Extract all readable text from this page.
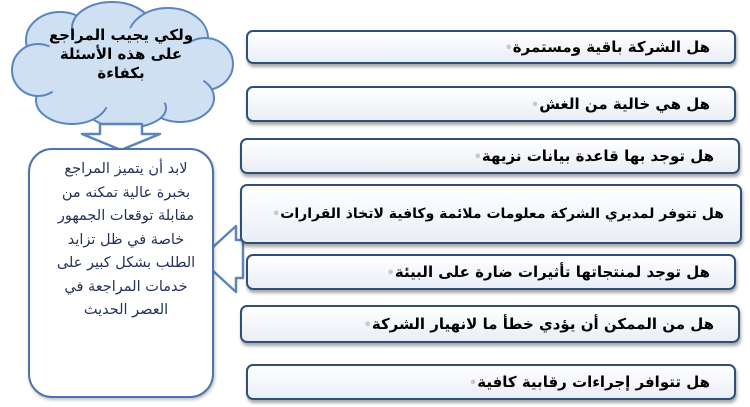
ولكي يجيب المراجع على هذه الأسئلة بكفاءة
لابد أن يتميز المراجع بخبرة عالية تمكنه من مقابلة توقعات الجمهور خاصة في ظل تزايد الطلب بشكل كبير على خدمات المراجعة في العصر الحديث
هل الشركة باقية ومستمرة•
هل هي خالية من الغش•
هل توجد بها قاعدة بيانات نزيهة•
هل تتوفر لمديري الشركة معلومات ملائمة وكافية لاتخاذ القرارات•
هل توجد لمنتجاتها تأثيرات ضارة على البيئة•
هل من الممكن أن يؤدي خطأ ما لانهيار الشركة•
هل تتوافر إجراءات رقابية كافية•
